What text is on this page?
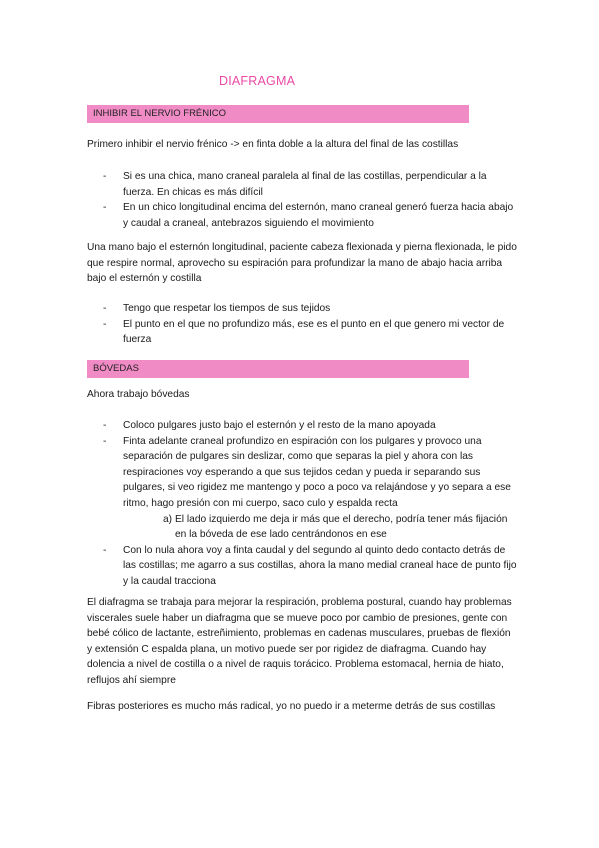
DIAFRAGMA
INHIBIR EL NERVIO FRÉNICO

Primero inhibir el nervio frénico -> en finta doble a la altura del final de las costillas

- Si es una chica, mano craneal paralela al final de las costillas, perpendicular a la fuerza. En chicas es más difícil
- En un chico longitudinal encima del esternón, mano craneal generó fuerza hacia abajo y caudal a craneal, antebrazos siguiendo el movimiento

Una mano bajo el esternón longitudinal, paciente cabeza flexionada y pierna flexionada, le pido que respire normal, aprovecho su espiración para profundizar la mano de abajo hacia arriba bajo el esternón y costilla

- Tengo que respetar los tiempos de sus tejidos
- El punto en el que no profundizo más, ese es el punto en el que genero mi vector de fuerza
BÓVEDAS

Ahora trabajo bóvedas

- Coloco pulgares justo bajo el esternón y el resto de la mano apoyada
- Finta adelante craneal profundizo en espiración con los pulgares y provoco una separación de pulgares sin deslizar, como que separas la piel y ahora con las respiraciones voy esperando a que sus tejidos cedan y pueda ir separando sus pulgares, si veo rigidez me mantengo y poco a poco va relajándose y yo separa a ese ritmo, hago presión con mi cuerpo, saco culo y espalda recta
a) El lado izquierdo me deja ir más que el derecho, podría tener más fijación en la bóveda de ese lado centrándonos en ese
- Con lo nula ahora voy a finta caudal y del segundo al quinto dedo contacto detrás de las costillas; me agarro a sus costillas, ahora la mano medial craneal hace de punto fijo y la caudal tracciona

El diafragma se trabaja para mejorar la respiración, problema postural, cuando hay problemas viscerales suele haber un diafragma que se mueve poco por cambio de presiones, gente con bebé cólico de lactante, estreñimiento, problemas en cadenas musculares, pruebas de flexión y extensión C espalda plana, un motivo puede ser por rigidez de diafragma. Cuando hay dolencia a nivel de costilla o a nivel de raquis torácico. Problema estomacal, hernia de hiato, reflujos ahí siempre

Fibras posteriores es mucho más radical, yo no puedo ir a meterme detrás de sus costillas
